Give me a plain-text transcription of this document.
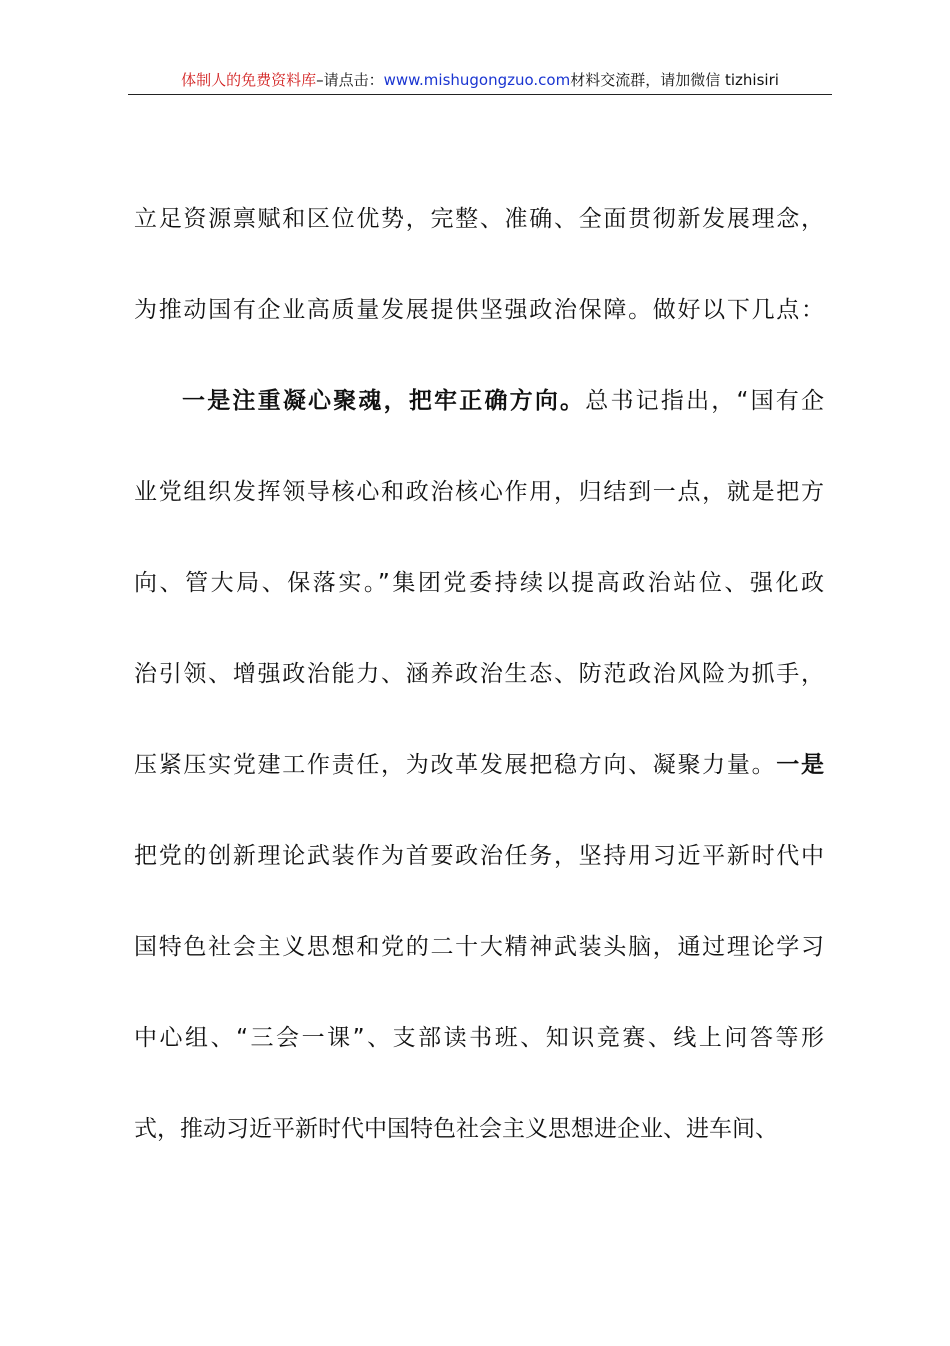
体制人的免费资料库–请点击：www.mishugongzuo.com材料交流群，请加微信 tizhisiri
立足资源禀赋和区位优势，完整、准确、全面贯彻新发展理念，
为推动国有企业高质量发展提供坚强政治保障。做好以下几点：
一是注重凝心聚魂，把牢正确方向。总书记指出，“国有企
业党组织发挥领导核心和政治核心作用，归结到一点，就是把方
向、管大局、保落实。”集团党委持续以提高政治站位、强化政
治引领、增强政治能力、涵养政治生态、防范政治风险为抓手，
压紧压实党建工作责任，为改革发展把稳方向、凝聚力量。一是
把党的创新理论武装作为首要政治任务，坚持用习近平新时代中
国特色社会主义思想和党的二十大精神武装头脑，通过理论学习
中心组、“三会一课”、支部读书班、知识竞赛、线上问答等形
式，推动习近平新时代中国特色社会主义思想进企业、进车间、
